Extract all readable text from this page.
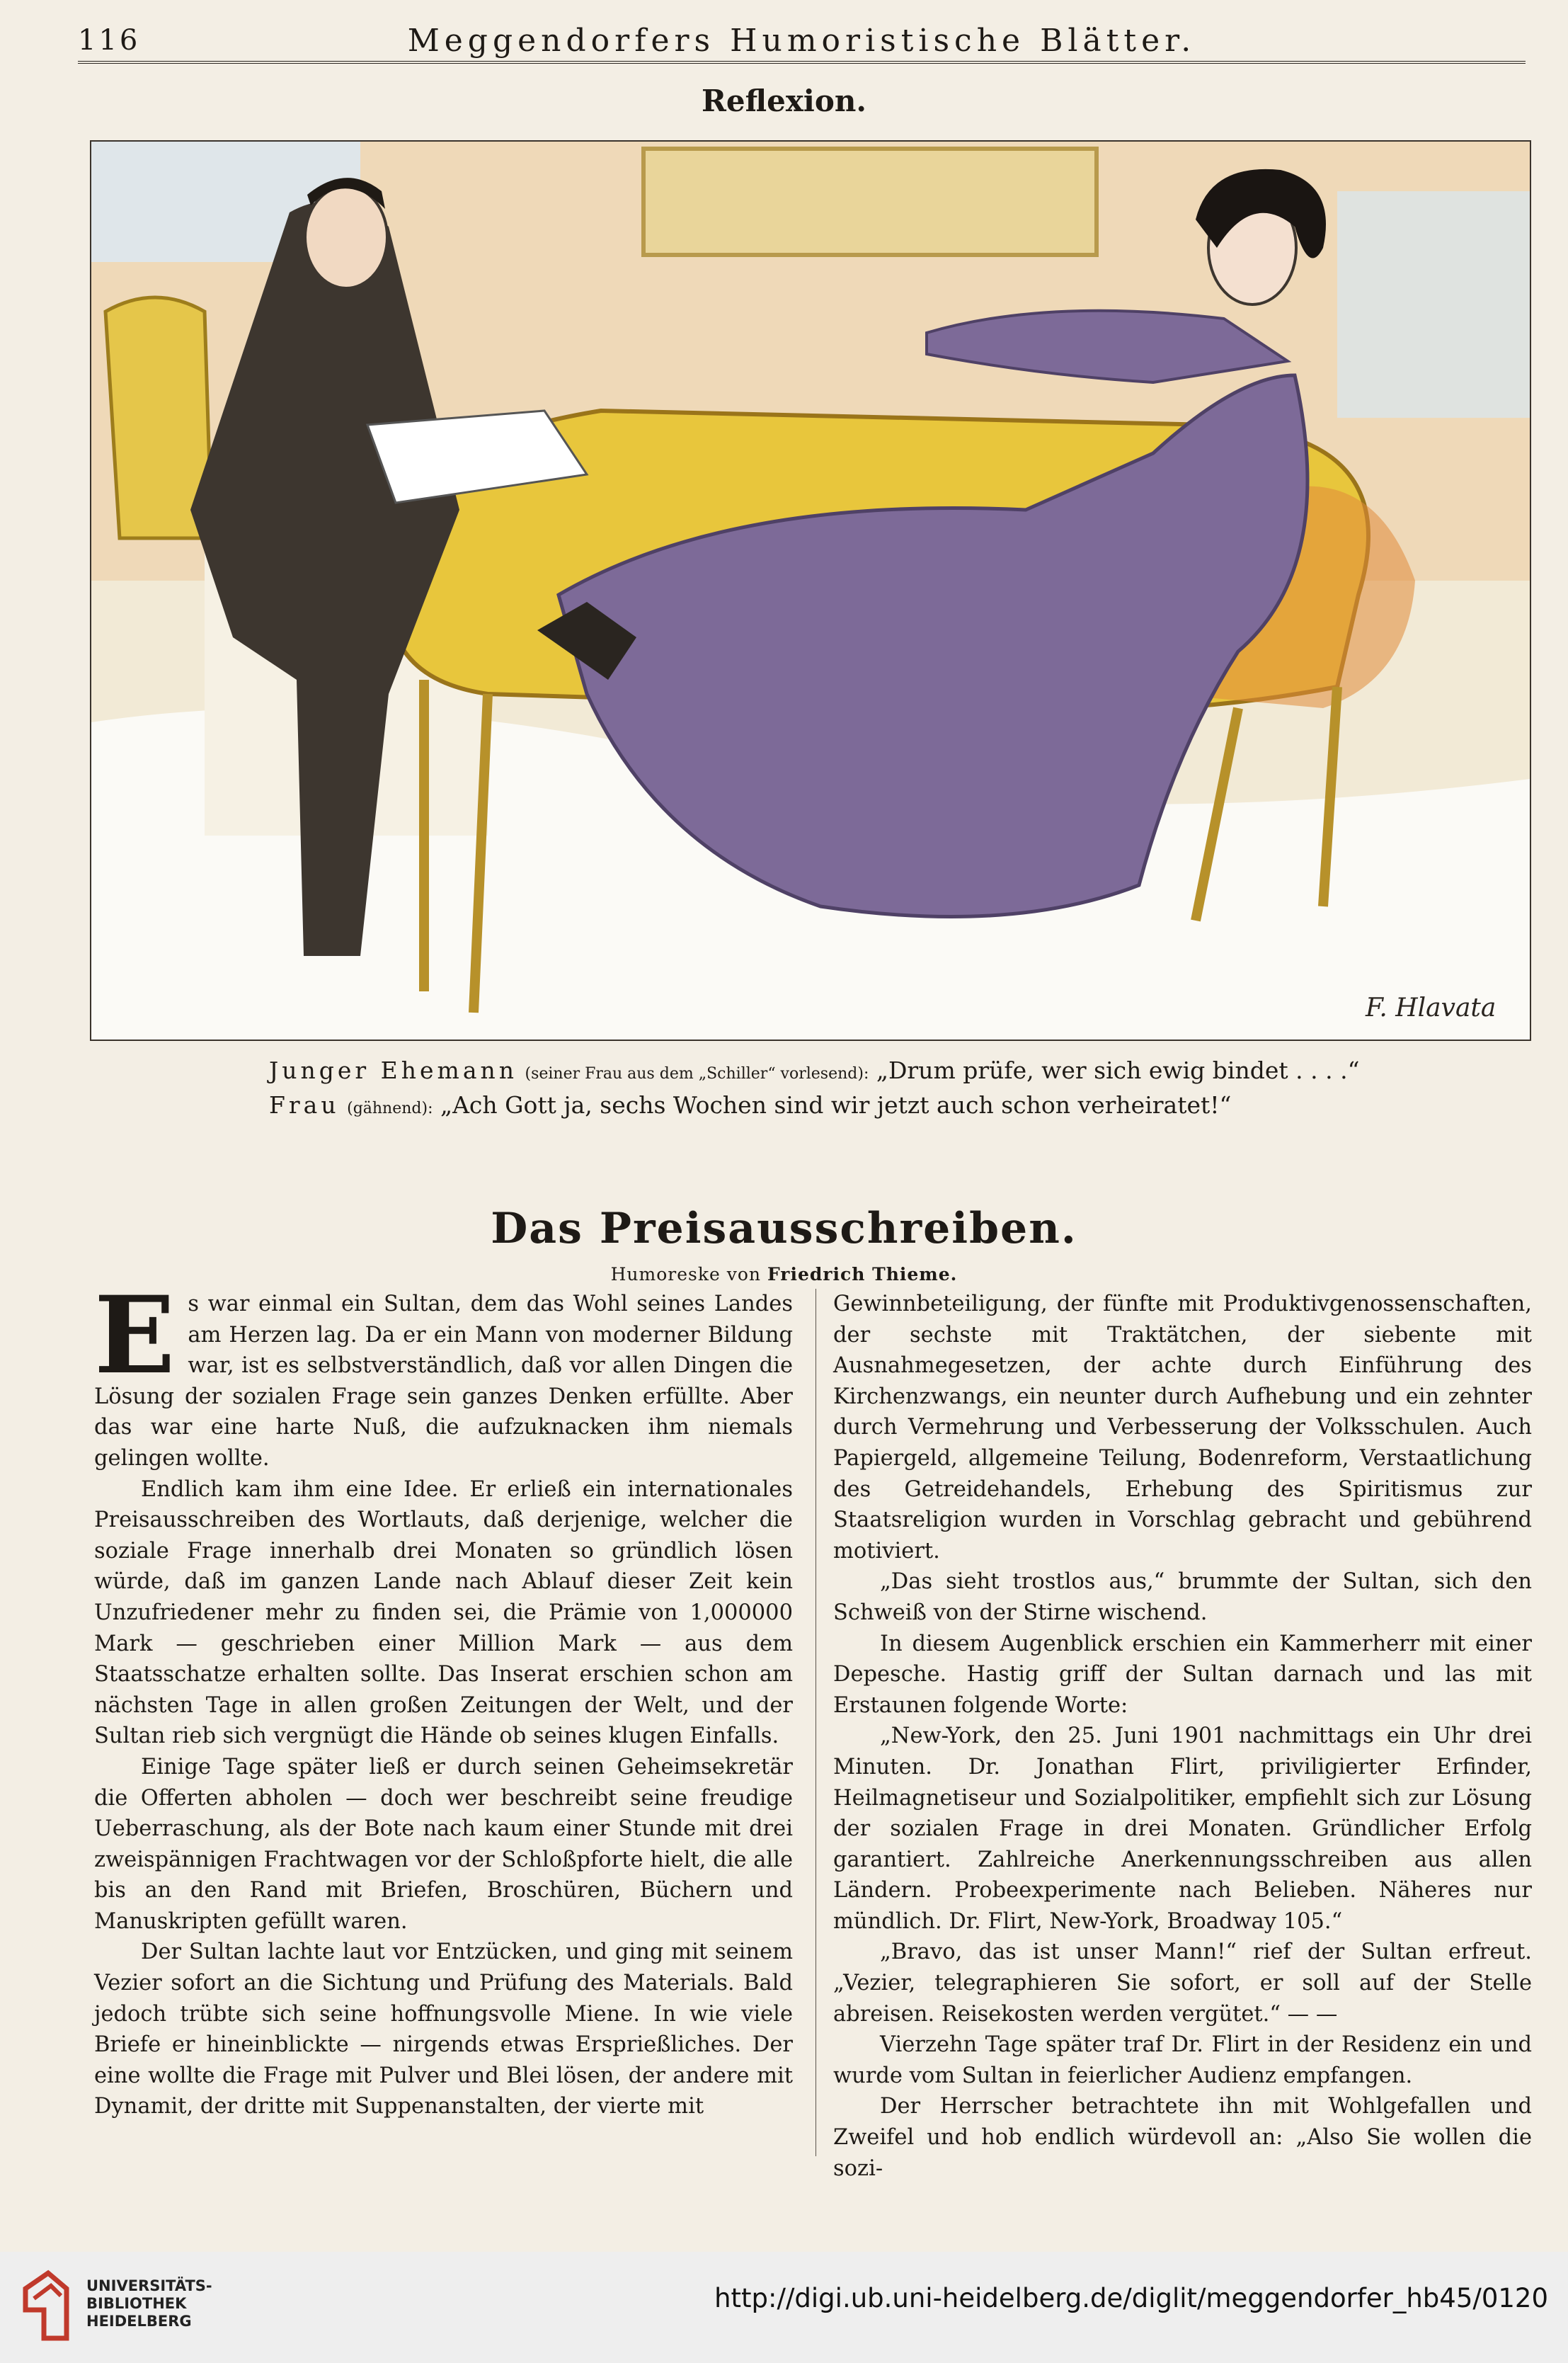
116	Meggendorfers Humoristische Blätter.
Reflexion.
F. Hlavata
Junger Ehemann (seiner Frau aus dem „Schiller“ vorlesend): „Drum prüfe, wer sich ewig bindet . . . .“
Frau (gähnend): „Ach Gott ja, sechs Wochen sind wir jetzt auch schon verheiratet!“
Das Preisausschreiben.
Humoreske von Friedrich Thieme.

Es war einmal ein Sultan, dem das Wohl seines Landes am Herzen lag. Da er ein Mann von moderner Bildung war, ist es selbstverständlich, daß vor allen Dingen die Lösung der sozialen Frage sein ganzes Denken erfüllte. Aber das war eine harte Nuß, die aufzuknacken ihm niemals gelingen wollte.

Endlich kam ihm eine Idee. Er erließ ein internationales Preisausschreiben des Wortlauts, daß derjenige, welcher die soziale Frage innerhalb drei Monaten so gründlich lösen würde, daß im ganzen Lande nach Ablauf dieser Zeit kein Unzufriedener mehr zu finden sei, die Prämie von 1,000000 Mark — geschrieben einer Million Mark — aus dem Staatsschatze erhalten sollte. Das Inserat erschien schon am nächsten Tage in allen großen Zeitungen der Welt, und der Sultan rieb sich vergnügt die Hände ob seines klugen Einfalls.

Einige Tage später ließ er durch seinen Geheimsekretär die Offerten abholen — doch wer beschreibt seine freudige Ueberraschung, als der Bote nach kaum einer Stunde mit drei zweispännigen Frachtwagen vor der Schloßpforte hielt, die alle bis an den Rand mit Briefen, Broschüren, Büchern und Manuskripten gefüllt waren.

Der Sultan lachte laut vor Entzücken, und ging mit seinem Vezier sofort an die Sichtung und Prüfung des Materials. Bald jedoch trübte sich seine hoffnungsvolle Miene. In wie viele Briefe er hineinblickte — nirgends etwas Ersprießliches. Der eine wollte die Frage mit Pulver und Blei lösen, der andere mit Dynamit, der dritte mit Suppenanstalten, der vierte mit

Gewinnbeteiligung, der fünfte mit Produktivgenossenschaften, der sechste mit Traktätchen, der siebente mit Ausnahmegesetzen, der achte durch Einführung des Kirchenzwangs, ein neunter durch Aufhebung und ein zehnter durch Vermehrung und Verbesserung der Volksschulen. Auch Papiergeld, allgemeine Teilung, Bodenreform, Verstaatlichung des Getreidehandels, Erhebung des Spiritismus zur Staatsreligion wurden in Vorschlag gebracht und gebührend motiviert.

„Das sieht trostlos aus,“ brummte der Sultan, sich den Schweiß von der Stirne wischend.

In diesem Augenblick erschien ein Kammerherr mit einer Depesche. Hastig griff der Sultan darnach und las mit Erstaunen folgende Worte:

„New-York, den 25. Juni 1901 nachmittags ein Uhr drei Minuten. Dr. Jonathan Flirt, priviligierter Erfinder, Heilmagnetiseur und Sozialpolitiker, empfiehlt sich zur Lösung der sozialen Frage in drei Monaten. Gründlicher Erfolg garantiert. Zahlreiche Anerkennungsschreiben aus allen Ländern. Probeexperimente nach Belieben. Näheres nur mündlich. Dr. Flirt, New-York, Broadway 105.“

„Bravo, das ist unser Mann!“ rief der Sultan erfreut. „Vezier, telegraphieren Sie sofort, er soll auf der Stelle abreisen. Reisekosten werden vergütet.“ — —

Vierzehn Tage später traf Dr. Flirt in der Residenz ein und wurde vom Sultan in feierlicher Audienz empfangen.

Der Herrscher betrachtete ihn mit Wohlgefallen und Zweifel und hob endlich würdevoll an: „Also Sie wollen die sozi-

UNIVERSITÄTS-
BIBLIOTHEK
HEIDELBERG
http://digi.ub.uni-heidelberg.de/diglit/meggendorfer_hb45/0120
